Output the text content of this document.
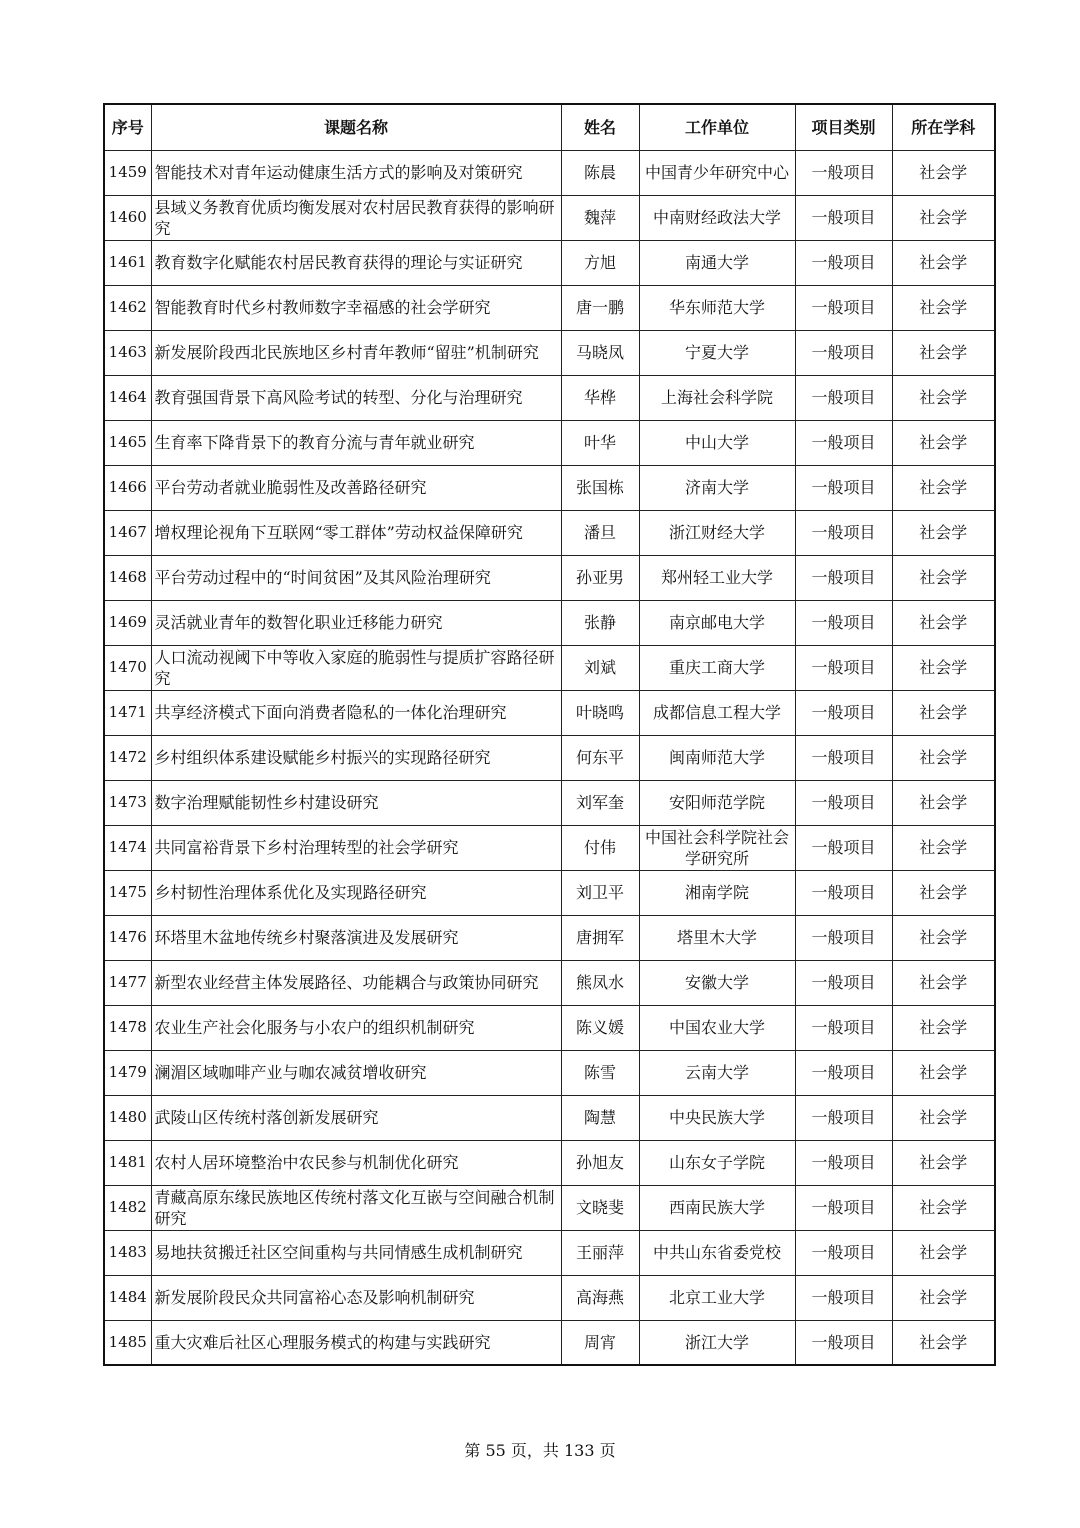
序号	课题名称	姓名	工作单位	项目类别	所在学科
1459	智能技术对青年运动健康生活方式的影响及对策研究	陈晨	中国青少年研究中心	一般项目	社会学
1460	县域义务教育优质均衡发展对农村居民教育获得的影响研究	魏萍	中南财经政法大学	一般项目	社会学
1461	教育数字化赋能农村居民教育获得的理论与实证研究	方旭	南通大学	一般项目	社会学
1462	智能教育时代乡村教师数字幸福感的社会学研究	唐一鹏	华东师范大学	一般项目	社会学
1463	新发展阶段西北民族地区乡村青年教师“留驻”机制研究	马晓凤	宁夏大学	一般项目	社会学
1464	教育强国背景下高风险考试的转型、分化与治理研究	华桦	上海社会科学院	一般项目	社会学
1465	生育率下降背景下的教育分流与青年就业研究	叶华	中山大学	一般项目	社会学
1466	平台劳动者就业脆弱性及改善路径研究	张国栋	济南大学	一般项目	社会学
1467	增权理论视角下互联网“零工群体”劳动权益保障研究	潘旦	浙江财经大学	一般项目	社会学
1468	平台劳动过程中的“时间贫困”及其风险治理研究	孙亚男	郑州轻工业大学	一般项目	社会学
1469	灵活就业青年的数智化职业迁移能力研究	张静	南京邮电大学	一般项目	社会学
1470	人口流动视阈下中等收入家庭的脆弱性与提质扩容路径研究	刘斌	重庆工商大学	一般项目	社会学
1471	共享经济模式下面向消费者隐私的一体化治理研究	叶晓鸣	成都信息工程大学	一般项目	社会学
1472	乡村组织体系建设赋能乡村振兴的实现路径研究	何东平	闽南师范大学	一般项目	社会学
1473	数字治理赋能韧性乡村建设研究	刘军奎	安阳师范学院	一般项目	社会学
1474	共同富裕背景下乡村治理转型的社会学研究	付伟	中国社会科学院社会学研究所	一般项目	社会学
1475	乡村韧性治理体系优化及实现路径研究	刘卫平	湘南学院	一般项目	社会学
1476	环塔里木盆地传统乡村聚落演进及发展研究	唐拥军	塔里木大学	一般项目	社会学
1477	新型农业经营主体发展路径、功能耦合与政策协同研究	熊凤水	安徽大学	一般项目	社会学
1478	农业生产社会化服务与小农户的组织机制研究	陈义媛	中国农业大学	一般项目	社会学
1479	澜湄区域咖啡产业与咖农减贫增收研究	陈雪	云南大学	一般项目	社会学
1480	武陵山区传统村落创新发展研究	陶慧	中央民族大学	一般项目	社会学
1481	农村人居环境整治中农民参与机制优化研究	孙旭友	山东女子学院	一般项目	社会学
1482	青藏高原东缘民族地区传统村落文化互嵌与空间融合机制研究	文晓斐	西南民族大学	一般项目	社会学
1483	易地扶贫搬迁社区空间重构与共同情感生成机制研究	王丽萍	中共山东省委党校	一般项目	社会学
1484	新发展阶段民众共同富裕心态及影响机制研究	高海燕	北京工业大学	一般项目	社会学
1485	重大灾难后社区心理服务模式的构建与实践研究	周宵	浙江大学	一般项目	社会学
第 55 页，共 133 页
